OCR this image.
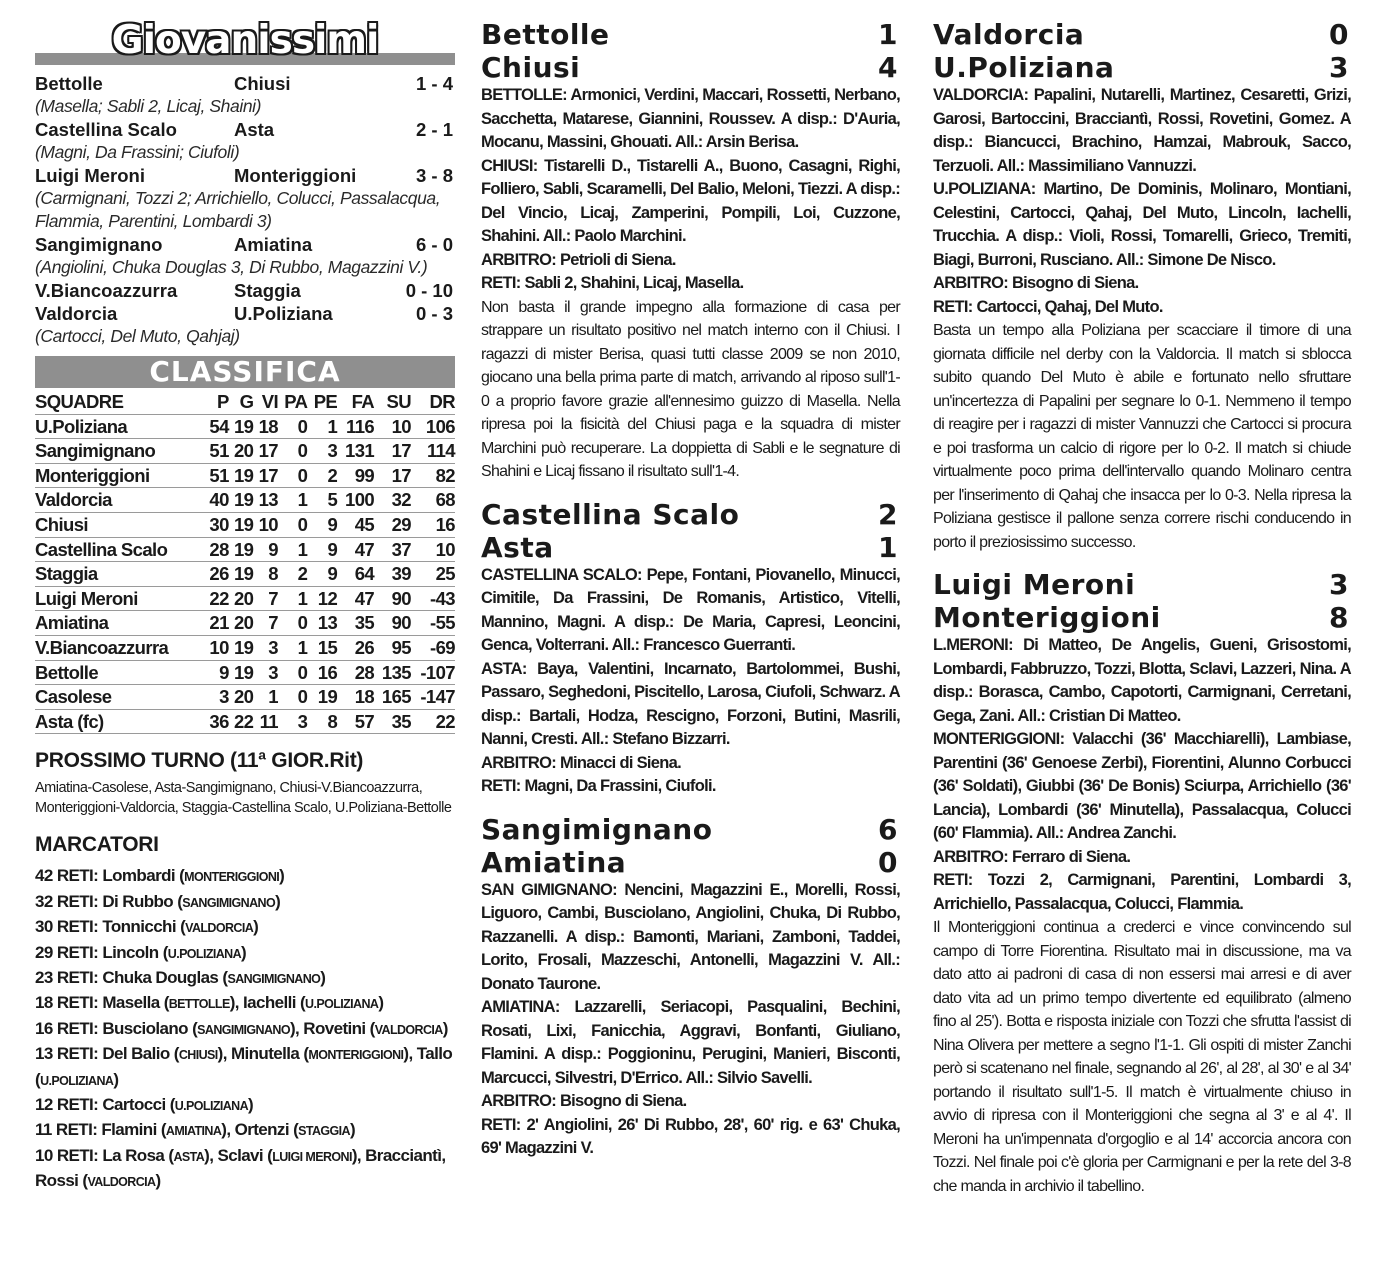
Giovanissimi
Bettolle	Chiusi	1 - 4
(Masella; Sabli 2, Licaj, Shaini)
Castellina Scalo	Asta	2 - 1
(Magni, Da Frassini; Ciufoli)
Luigi Meroni	Monteriggioni	3 - 8
(Carmignani, Tozzi 2; Arrichiello, Colucci, Passalacqua, Flammia, Parentini, Lombardi 3)
Sangimignano	Amiatina	6 - 0
(Angiolini, Chuka Douglas 3, Di Rubbo, Magazzini V.)
V.Biancoazzurra	Staggia	0 - 10
Valdorcia	U.Poliziana	0 - 3
(Cartocci, Del Muto, Qahjaj)
CLASSIFICA
SQUADRE	P	G	VI	PA	PE	FA	SU	DR
U.Poliziana	54	19	18	0	1	116	10	106
Sangimignano	51	20	17	0	3	131	17	114
Monteriggioni	51	19	17	0	2	99	17	82
Valdorcia	40	19	13	1	5	100	32	68
Chiusi	30	19	10	0	9	45	29	16
Castellina Scalo	28	19	9	1	9	47	37	10
Staggia	26	19	8	2	9	64	39	25
Luigi Meroni	22	20	7	1	12	47	90	-43
Amiatina	21	20	7	0	13	35	90	-55
V.Biancoazzurra	10	19	3	1	15	26	95	-69
Bettolle	9	19	3	0	16	28	135	-107
Casolese	3	20	1	0	19	18	165	-147
Asta (fc)	36	22	11	3	8	57	35	22
PROSSIMO TURNO (11ª GIOR.Rit)
Amiatina-Casolese, Asta-Sangimignano, Chiusi-V.Biancoazzurra, Monteriggioni-Valdorcia, Staggia-Castellina Scalo, U.Poliziana-Bettolle
MARCATORI
42 RETI: Lombardi (MONTERIGGIONI)
32 RETI: Di Rubbo (SANGIMIGNANO)
30 RETI: Tonnicchi (VALDORCIA)
29 RETI: Lincoln (U.POLIZIANA)
23 RETI: Chuka Douglas (SANGIMIGNANO)
18 RETI: Masella (BETTOLLE), Iachelli (U.POLIZIANA)
16 RETI: Busciolano (SANGIMIGNANO), Rovetini (VALDORCIA)
13 RETI: Del Balio (CHIUSI), Minutella (MONTERIGGIONI), Tallo (U.POLIZIANA)
12 RETI: Cartocci (U.POLIZIANA)
11 RETI: Flamini (AMIATINA), Ortenzi (STAGGIA)
10 RETI: La Rosa (ASTA), Sclavi (LUIGI MERONI), Bracciantì, Rossi (VALDORCIA)
Bettolle	1
Chiusi	4
BETTOLLE: Armonici, Verdini, Maccari, Rossetti, Nerbano, Sacchetta, Matarese, Giannini, Roussev. A disp.: D'Auria, Mocanu, Massini, Ghouati. All.: Arsin Berisa.
CHIUSI: Tistarelli D., Tistarelli A., Buono, Casagni, Righi, Folliero, Sabli, Scaramelli, Del Balio, Meloni, Tiezzi. A disp.: Del Vincio, Licaj, Zamperini, Pompili, Loi, Cuzzone, Shahini. All.: Paolo Marchini.
ARBITRO: Petrioli di Siena.
RETI: Sabli 2, Shahini, Licaj, Masella.
Non basta il grande impegno alla formazione di casa per strappare un risultato positivo nel match interno con il Chiusi. I ragazzi di mister Berisa, quasi tutti classe 2009 se non 2010, giocano una bella prima parte di match, arrivando al riposo sull'1-0 a proprio favore grazie all'ennesimo guizzo di Masella. Nella ripresa poi la fisicità del Chiusi paga e la squadra di mister Marchini può recuperare. La doppietta di Sabli e le segnature di Shahini e Licaj fissano il risultato sull'1-4.
Castellina Scalo	2
Asta	1
CASTELLINA SCALO: Pepe, Fontani, Piovanello, Minucci, Cimitile, Da Frassini, De Romanis, Artistico, Vitelli, Mannino, Magni. A disp.: De Maria, Capresi, Leoncini, Genca, Volterrani. All.: Francesco Guerranti.
ASTA: Baya, Valentini, Incarnato, Bartolommei, Bushi, Passaro, Seghedoni, Piscitello, Larosa, Ciufoli, Schwarz. A disp.: Bartali, Hodza, Rescigno, Forzoni, Butini, Masrili, Nanni, Cresti. All.: Stefano Bizzarri.
ARBITRO: Minacci di Siena.
RETI: Magni, Da Frassini, Ciufoli.
Sangimignano	6
Amiatina	0
SAN GIMIGNANO: Nencini, Magazzini E., Morelli, Rossi, Liguoro, Cambi, Busciolano, Angiolini, Chuka, Di Rubbo, Razzanelli. A disp.: Bamonti, Mariani, Zamboni, Taddei, Lorito, Frosali, Mazzeschi, Antonelli, Magazzini V. All.: Donato Taurone.
AMIATINA: Lazzarelli, Seriacopi, Pasqualini, Bechini, Rosati, Lixi, Fanicchia, Aggravi, Bonfanti, Giuliano, Flamini. A disp.: Poggioninu, Perugini, Manieri, Bisconti, Marcucci, Silvestri, D'Errico. All.: Silvio Savelli.
ARBITRO: Bisogno di Siena.
RETI: 2' Angiolini, 26' Di Rubbo, 28', 60' rig. e 63' Chuka, 69' Magazzini V.
Valdorcia	0
U.Poliziana	3
VALDORCIA: Papalini, Nutarelli, Martinez, Cesaretti, Grizi, Garosi, Bartoccini, Bracciantì, Rossi, Rovetini, Gomez. A disp.: Biancucci, Brachino, Hamzai, Mabrouk, Sacco, Terzuoli. All.: Massimiliano Vannuzzi.
U.POLIZIANA: Martino, De Dominis, Molinaro, Montiani, Celestini, Cartocci, Qahaj, Del Muto, Lincoln, Iachelli, Trucchia. A disp.: Violi, Rossi, Tomarelli, Grieco, Tremiti, Biagi, Burroni, Rusciano. All.: Simone De Nisco.
ARBITRO: Bisogno di Siena.
RETI: Cartocci, Qahaj, Del Muto.
Basta un tempo alla Poliziana per scacciare il timore di una giornata difficile nel derby con la Valdorcia. Il match si sblocca subito quando Del Muto è abile e fortunato nello sfruttare un'incertezza di Papalini per segnare lo 0-1. Nemmeno il tempo di reagire per i ragazzi di mister Vannuzzi che Cartocci si procura e poi trasforma un calcio di rigore per lo 0-2. Il match si chiude virtualmente poco prima dell'intervallo quando Molinaro centra per l'inserimento di Qahaj che insacca per lo 0-3. Nella ripresa la Poliziana gestisce il pallone senza correre rischi conducendo in porto il preziosissimo successo.
Luigi Meroni	3
Monteriggioni	8
L.MERONI: Di Matteo, De Angelis, Gueni, Grisostomi, Lombardi, Fabbruzzo, Tozzi, Blotta, Sclavi, Lazzeri, Nina. A disp.: Borasca, Cambo, Capotorti, Carmignani, Cerretani, Gega, Zani. All.: Cristian Di Matteo.
MONTERIGGIONI: Valacchi (36' Macchiarelli), Lambiase, Parentini (36' Genoese Zerbi), Fiorentini, Alunno Corbucci (36' Soldati), Giubbi (36' De Bonis) Sciurpa, Arrichiello (36' Lancia), Lombardi (36' Minutella), Passalacqua, Colucci (60' Flammia). All.: Andrea Zanchi.
ARBITRO: Ferraro di Siena.
RETI: Tozzi 2, Carmignani, Parentini, Lombardi 3, Arrichiello, Passalacqua, Colucci, Flammia.
Il Monteriggioni continua a crederci e vince convincendo sul campo di Torre Fiorentina. Risultato mai in discussione, ma va dato atto ai padroni di casa di non essersi mai arresi e di aver dato vita ad un primo tempo divertente ed equilibrato (almeno fino al 25'). Botta e risposta iniziale con Tozzi che sfrutta l'assist di Nina Olivera per mettere a segno l'1-1. Gli ospiti di mister Zanchi però si scatenano nel finale, segnando al 26', al 28', al 30' e al 34' portando il risultato sull'1-5. Il match è virtualmente chiuso in avvio di ripresa con il Monteriggioni che segna al 3' e al 4'. Il Meroni ha un'impennata d'orgoglio e al 14' accorcia ancora con Tozzi. Nel finale poi c'è gloria per Carmignani e per la rete del 3-8 che manda in archivio il tabellino.
